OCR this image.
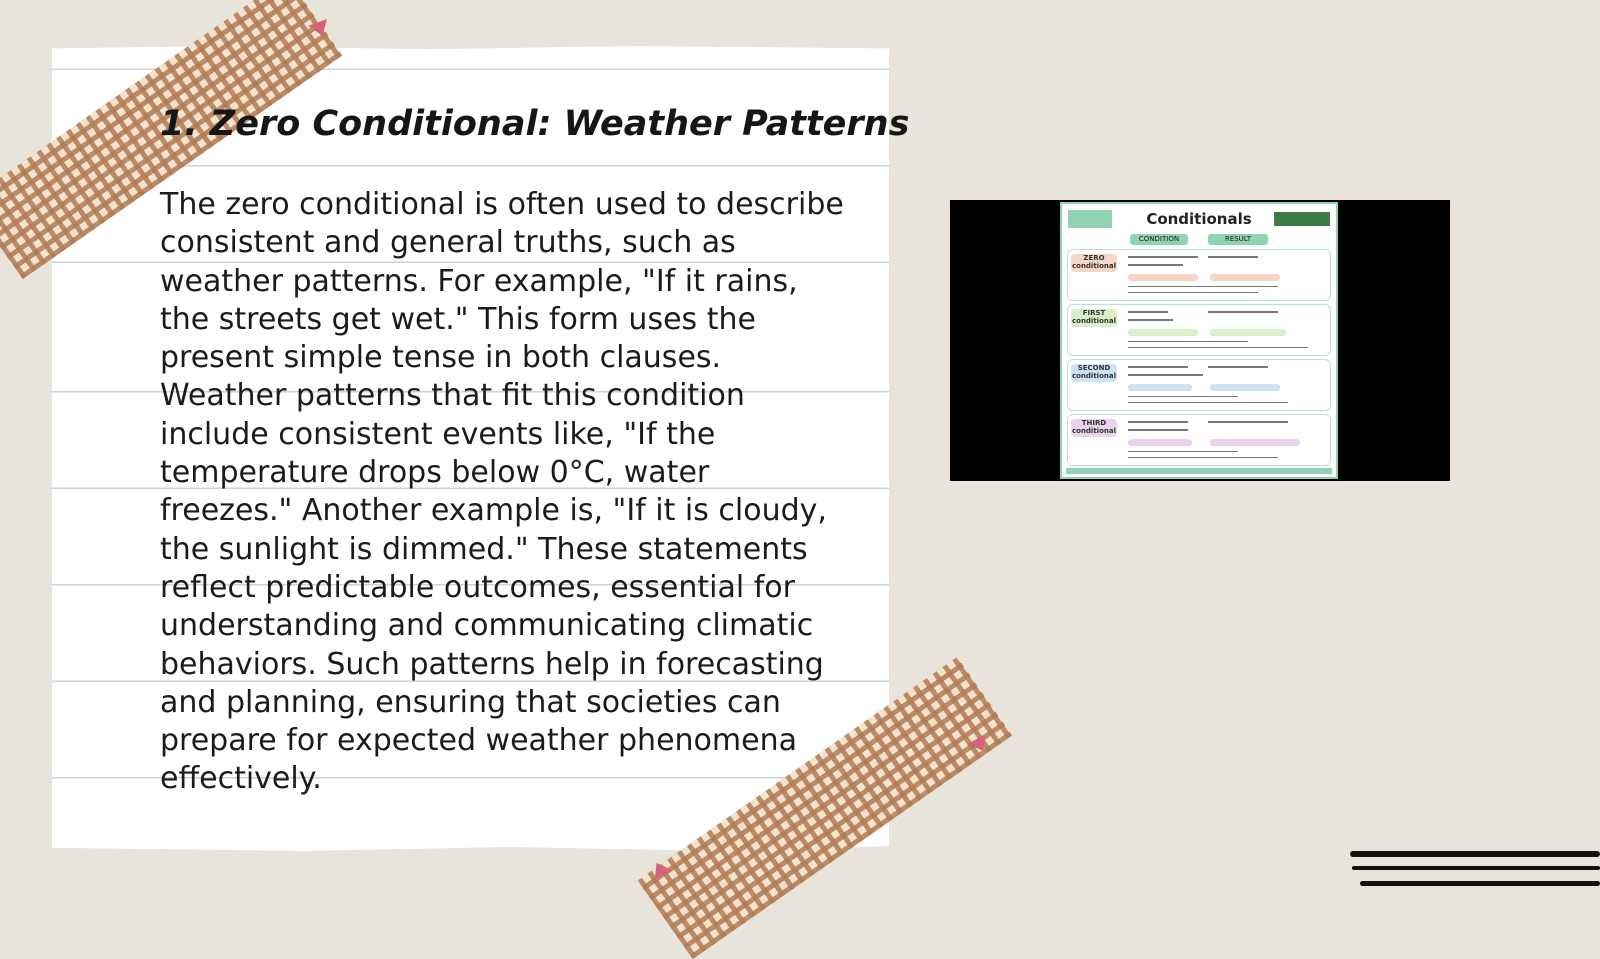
1. Zero Conditional: Weather Patterns

The zero conditional is often used to describe consistent and general truths, such as weather patterns. For example, "If it rains, the streets get wet." This form uses the present simple tense in both clauses. Weather patterns that fit this condition include consistent events like, "If the temperature drops below 0°C, water freezes." Another example is, "If it is cloudy, the sunlight is dimmed." These statements reflect predictable outcomes, essential for understanding and communicating climatic behaviors. Such patterns help in forecasting and planning, ensuring that societies can prepare for expected weather phenomena effectively.

Conditionals
CONDITION	RESULT
ZERO conditional
FIRST conditional
SECOND conditional
THIRD conditional
